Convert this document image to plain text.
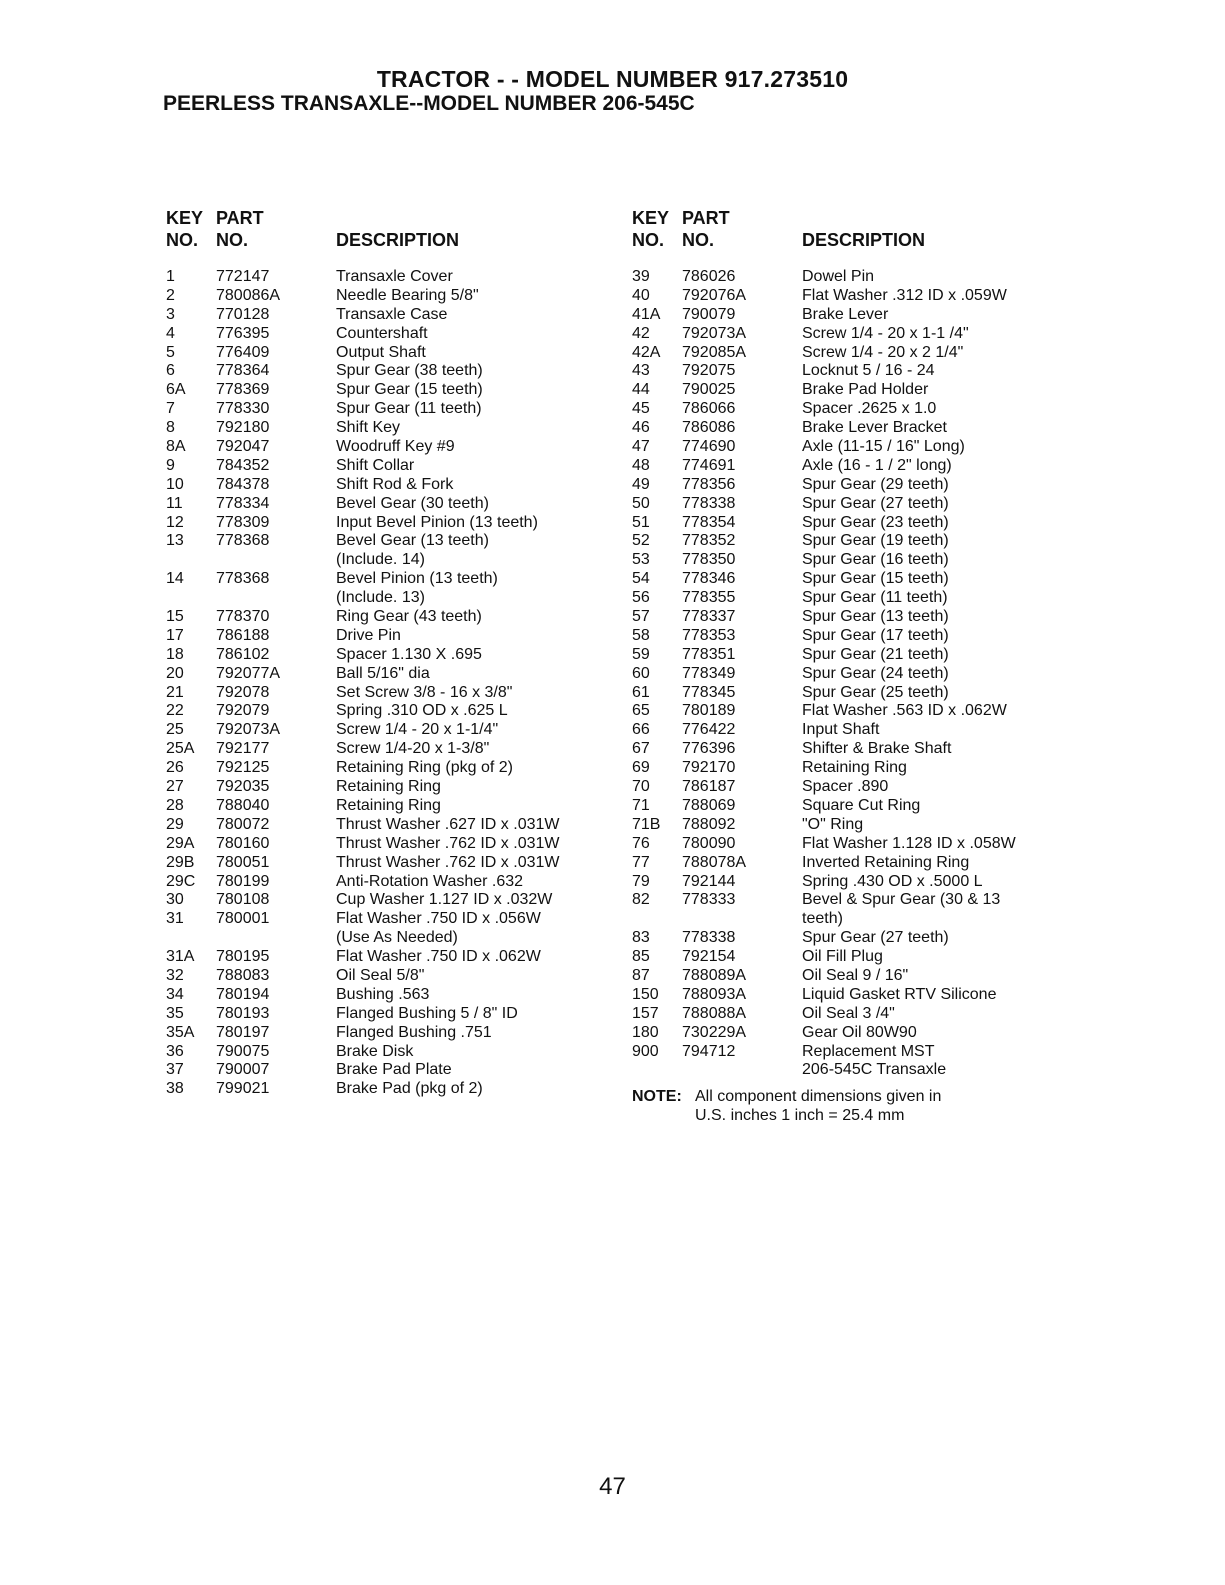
TRACTOR - - MODEL NUMBER 917.273510
PEERLESS TRANSAXLE--MODEL NUMBER 206-545C
KEY
NO.
PART
NO.	DESCRIPTION
1	772147	Transaxle Cover
2	780086A	Needle Bearing 5/8"
3	770128	Transaxle Case
4	776395	Countershaft
5	776409	Output Shaft
6	778364	Spur Gear (38 teeth)
6A 778369	Spur Gear (15 teeth)
7	778330	Spur Gear (11 teeth)
8	792180	Shift Key
8A 792047	Woodruff Key #9
9	784352	Shift Collar
10 784378	Shift Rod & Fork
11 778334	Bevel Gear (30 teeth)
12 778309	Input Bevel Pinion (13 teeth)
13 778368	Bevel Gear (13 teeth)
(Include. 14)
14 778368	Bevel Pinion (13 teeth)
(Include. 13)
15 778370	Ring Gear (43 teeth)
17 786188	Drive Pin
18 786102	Spacer 1.130 X .695
20 792077A	Ball 5/16" dia
21 792078	Set Screw 3/8 - 16 x 3/8"
22 792079	Spring .310 OD x .625 L
25 792073A	Screw 1/4 - 20 x 1-1/4"
25A 792177	Screw 1/4-20 x 1-3/8"
26 792125	Retaining Ring (pkg of 2)
27 792035	Retaining Ring
28 788040	Retaining Ring
29 780072	Thrust Washer .627 ID x .031W
29A 780160	Thrust Washer .762 ID x .031W
29B 780051	Thrust Washer .762 ID x .031W
29C 780199	Anti-Rotation Washer .632
30 780108	Cup Washer 1.127 ID x .032W
31 780001	Flat Washer .750 ID x .056W
(Use As Needed)
31A 780195	Flat Washer .750 ID x .062W
32 788083	Oil Seal 5/8"
34 780194	Bushing .563
35 780193	Flanged Bushing 5 / 8" ID
35A 780197	Flanged Bushing .751
36 790075	Brake Disk
37 790007	Brake Pad Plate
38 799021	Brake Pad (pkg of 2)
KEY
NO.
PART
NO.	DESCRIPTION
39 786026	Dowel Pin
40 792076A	Flat Washer .312 ID x .059W
41A 790079	Brake Lever
42 792073A	Screw 1/4 - 20 x 1-1 /4"
42A 792085A	Screw 1/4 - 20 x 2 1/4"
43 792075	Locknut 5 / 16 - 24
44 790025	Brake Pad Holder
45 786066	Spacer .2625 x 1.0
46 786086	Brake Lever Bracket
47 774690	Axle (11-15 / 16" Long)
48 774691	Axle (16 - 1 / 2" long)
49 778356	Spur Gear (29 teeth)
50 778338	Spur Gear (27 teeth)
51 778354	Spur Gear (23 teeth)
52 778352	Spur Gear (19 teeth)
53 778350	Spur Gear (16 teeth)
54 778346	Spur Gear (15 teeth)
56 778355	Spur Gear (11 teeth)
57 778337	Spur Gear (13 teeth)
58 778353	Spur Gear (17 teeth)
59 778351	Spur Gear (21 teeth)
60 778349	Spur Gear (24 teeth)
61 778345	Spur Gear (25 teeth)
65 780189	Flat Washer .563 ID x .062W
66 776422	Input Shaft
67 776396	Shifter & Brake Shaft
69 792170	Retaining Ring
70 786187	Spacer .890
71 788069	Square Cut Ring
71B 788092	"O" Ring
76 780090	Flat Washer 1.128 ID x .058W
77 788078A	Inverted Retaining Ring
79 792144	Spring .430 OD x .5000 L
82 778333	Bevel & Spur Gear (30 & 13
teeth)
83 778338	Spur Gear (27 teeth)
85 792154	Oil Fill Plug
87 788089A	Oil Seal 9 / 16"
150 788093A	Liquid Gasket RTV Silicone
157 788088A	Oil Seal 3 /4"
180 730229A	Gear Oil 80W90
900 794712	Replacement MST
206-545C Transaxle
NOTE: All component dimensions given in
U.S. inches 1 inch = 25.4 mm
47
